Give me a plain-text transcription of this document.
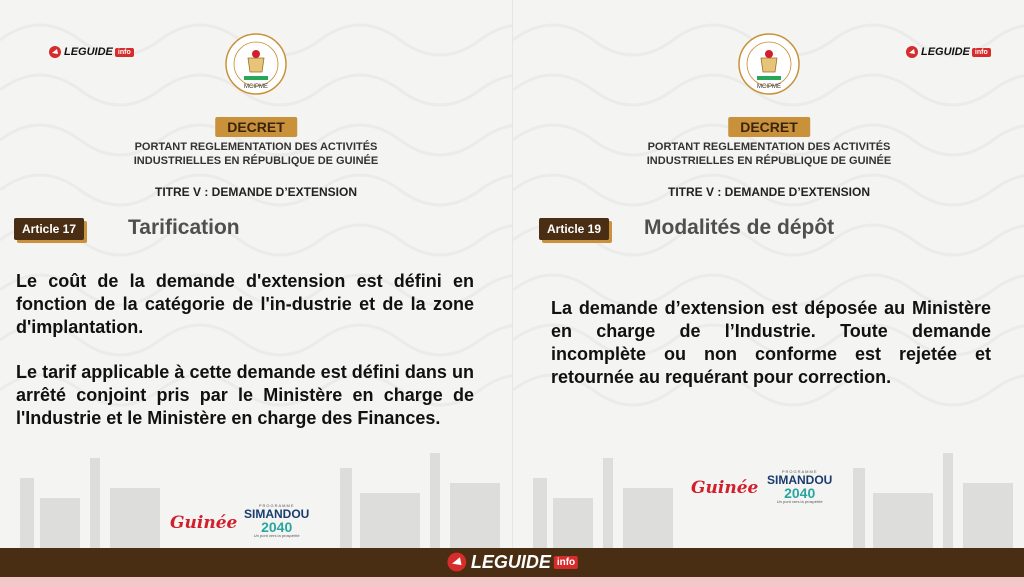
LEGUIDE info
MCIPME
DECRET
PORTANT REGLEMENTATION DES ACTIVITÉS
INDUSTRIELLES EN RÉPUBLIQUE DE GUINÉE
TITRE V : DEMANDE D’EXTENSION
Article 17	Tarification

Le coût de la demande d'extension est défini en fonction de la catégorie de l'in-dustrie et de la zone d'implantation.

Le tarif applicable à cette demande est défini dans un arrêté conjoint pris par le Ministère en charge de l'Industrie et le Ministère en charge des Finances.

Guinée
PROGRAMME
SIMANDOU
2040
Un pont vers la prospérité
LEGUIDE info
MCIPME
DECRET
PORTANT REGLEMENTATION DES ACTIVITÉS
INDUSTRIELLES EN RÉPUBLIQUE DE GUINÉE
TITRE V : DEMANDE D’EXTENSION
Article 19	Modalités de dépôt

La demande d’extension est déposée au Ministère en charge de l’Industrie. Toute demande incomplète ou non conforme est rejetée et retournée au requérant pour correction.

Guinée
PROGRAMME
SIMANDOU
2040
Un pont vers la prospérité
LEGUIDE info
